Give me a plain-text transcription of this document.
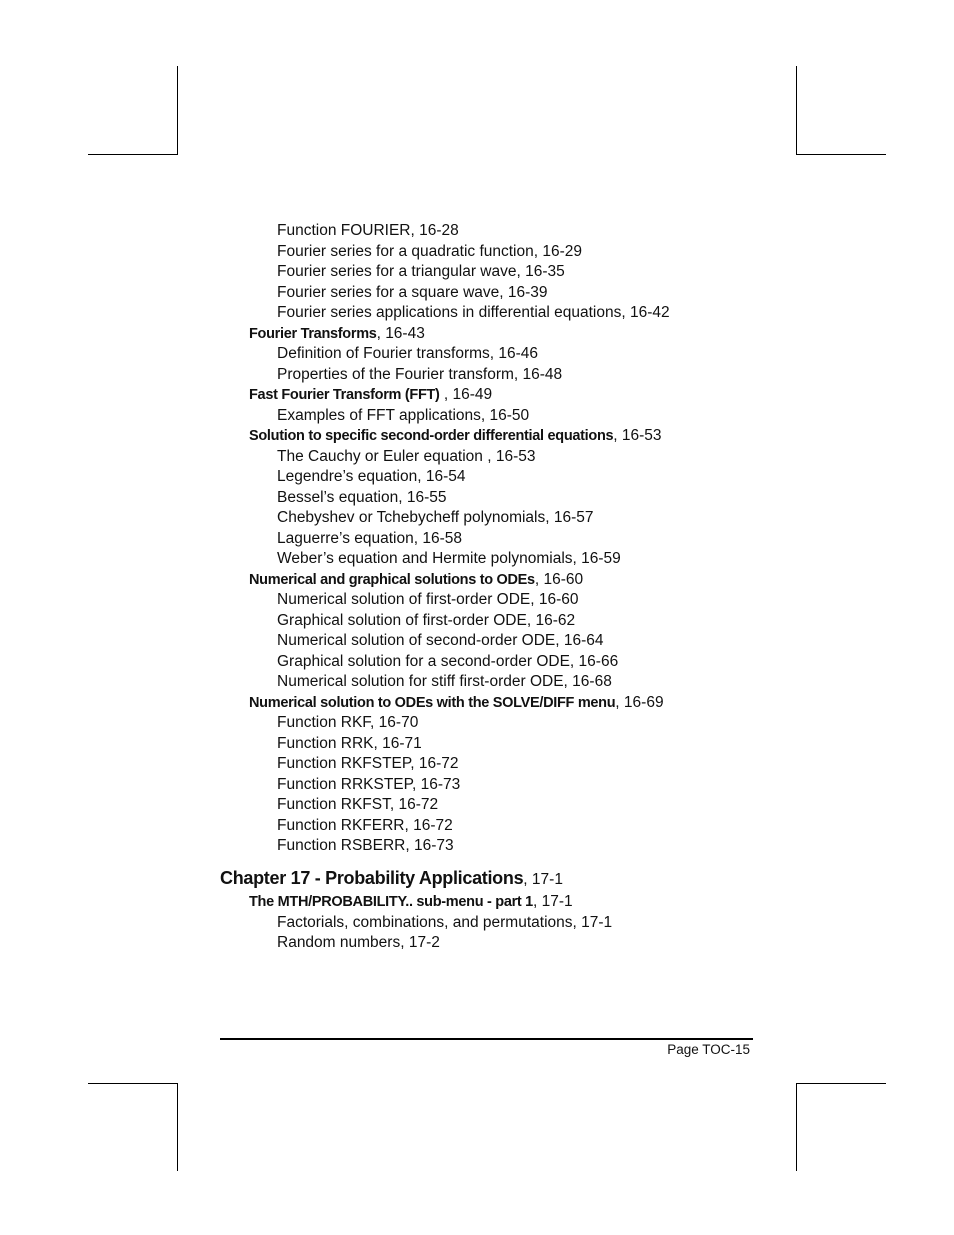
Function FOURIER, 16-28
Fourier series for a quadratic function, 16-29
Fourier series for a triangular wave, 16-35
Fourier series for a square wave, 16-39
Fourier series applications in differential equations, 16-42
Fourier Transforms, 16-43
Definition of Fourier transforms, 16-46
Properties of the Fourier transform, 16-48
Fast Fourier Transform (FFT) , 16-49
Examples of FFT applications, 16-50
Solution to specific second-order differential equations, 16-53
The Cauchy or Euler equation , 16-53
Legendre’s equation, 16-54
Bessel’s equation, 16-55
Chebyshev or Tchebycheff polynomials, 16-57
Laguerre’s equation, 16-58
Weber’s equation and Hermite polynomials, 16-59
Numerical and graphical solutions to ODEs, 16-60
Numerical solution of first-order ODE, 16-60
Graphical solution of first-order ODE, 16-62
Numerical solution of second-order ODE, 16-64
Graphical solution for a second-order ODE, 16-66
Numerical solution for stiff first-order ODE, 16-68
Numerical solution to ODEs with the SOLVE/DIFF menu, 16-69
Function RKF, 16-70
Function RRK, 16-71
Function RKFSTEP, 16-72
Function RRKSTEP, 16-73
Function RKFST, 16-72
Function RKFERR, 16-72
Function RSBERR, 16-73
Chapter 17 - Probability Applications, 17-1
The MTH/PROBABILITY.. sub-menu - part 1, 17-1
Factorials, combinations, and permutations, 17-1
Random numbers, 17-2
Page TOC-15
